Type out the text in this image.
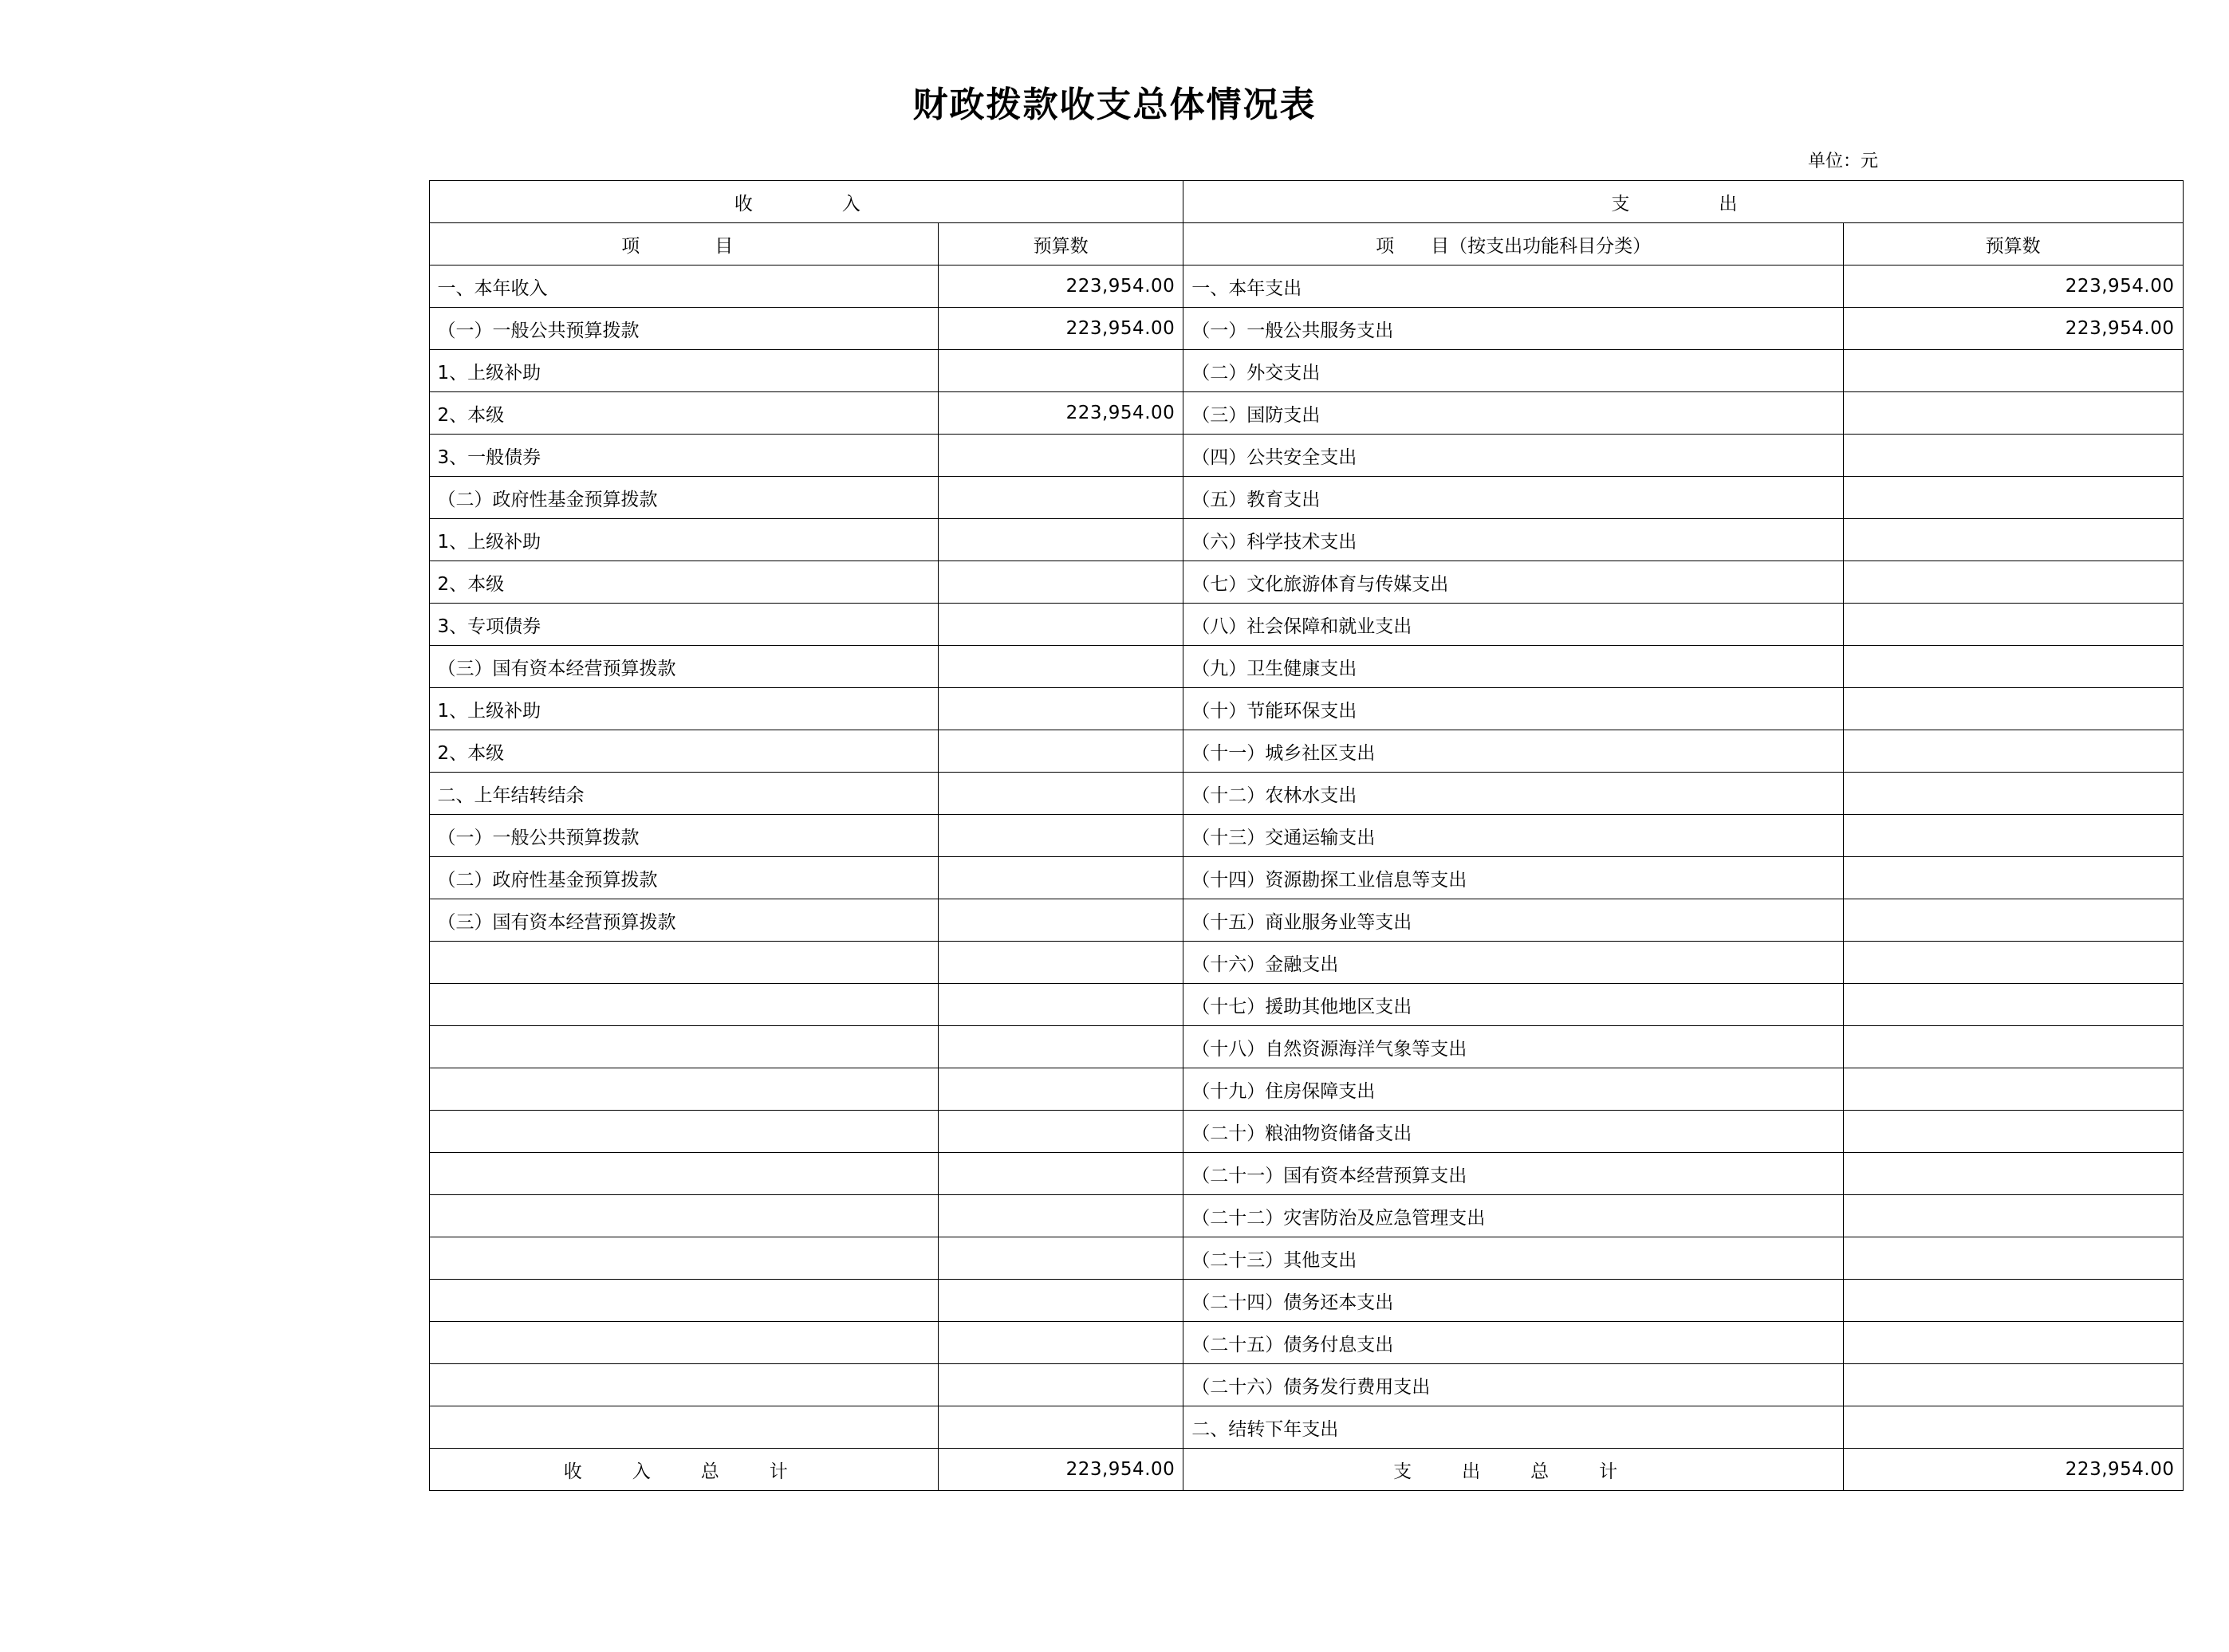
财政拨款收支总体情况表
单位：元
收　　入		支　　出	
项　　目	预算数	项　　目（按支出功能科目分类）	预算数
一、本年收入	223,954.00	一、本年支出	223,954.00
（一）一般公共预算拨款	223,954.00	（一）一般公共服务支出	223,954.00
1、上级补助		（二）外交支出	
2、本级	223,954.00	（三）国防支出	
3、一般债券		（四）公共安全支出	
（二）政府性基金预算拨款		（五）教育支出	
1、上级补助		（六）科学技术支出	
2、本级		（七）文化旅游体育与传媒支出	
3、专项债券		（八）社会保障和就业支出	
（三）国有资本经营预算拨款		（九）卫生健康支出	
1、上级补助		（十）节能环保支出	
2、本级		（十一）城乡社区支出	
二、上年结转结余		（十二）农林水支出	
（一）一般公共预算拨款		（十三）交通运输支出	
（二）政府性基金预算拨款		（十四）资源勘探工业信息等支出	
（三）国有资本经营预算拨款		（十五）商业服务业等支出	
		（十六）金融支出	
		（十七）援助其他地区支出	
		（十八）自然资源海洋气象等支出	
		（十九）住房保障支出	
		（二十）粮油物资储备支出	
		（二十一）国有资本经营预算支出	
		（二十二）灾害防治及应急管理支出	
		（二十三）其他支出	
		（二十四）债务还本支出	
		（二十五）债务付息支出	
		（二十六）债务发行费用支出	
		二、结转下年支出	
收　入　总　计	223,954.00	支　出　总　计	223,954.00
